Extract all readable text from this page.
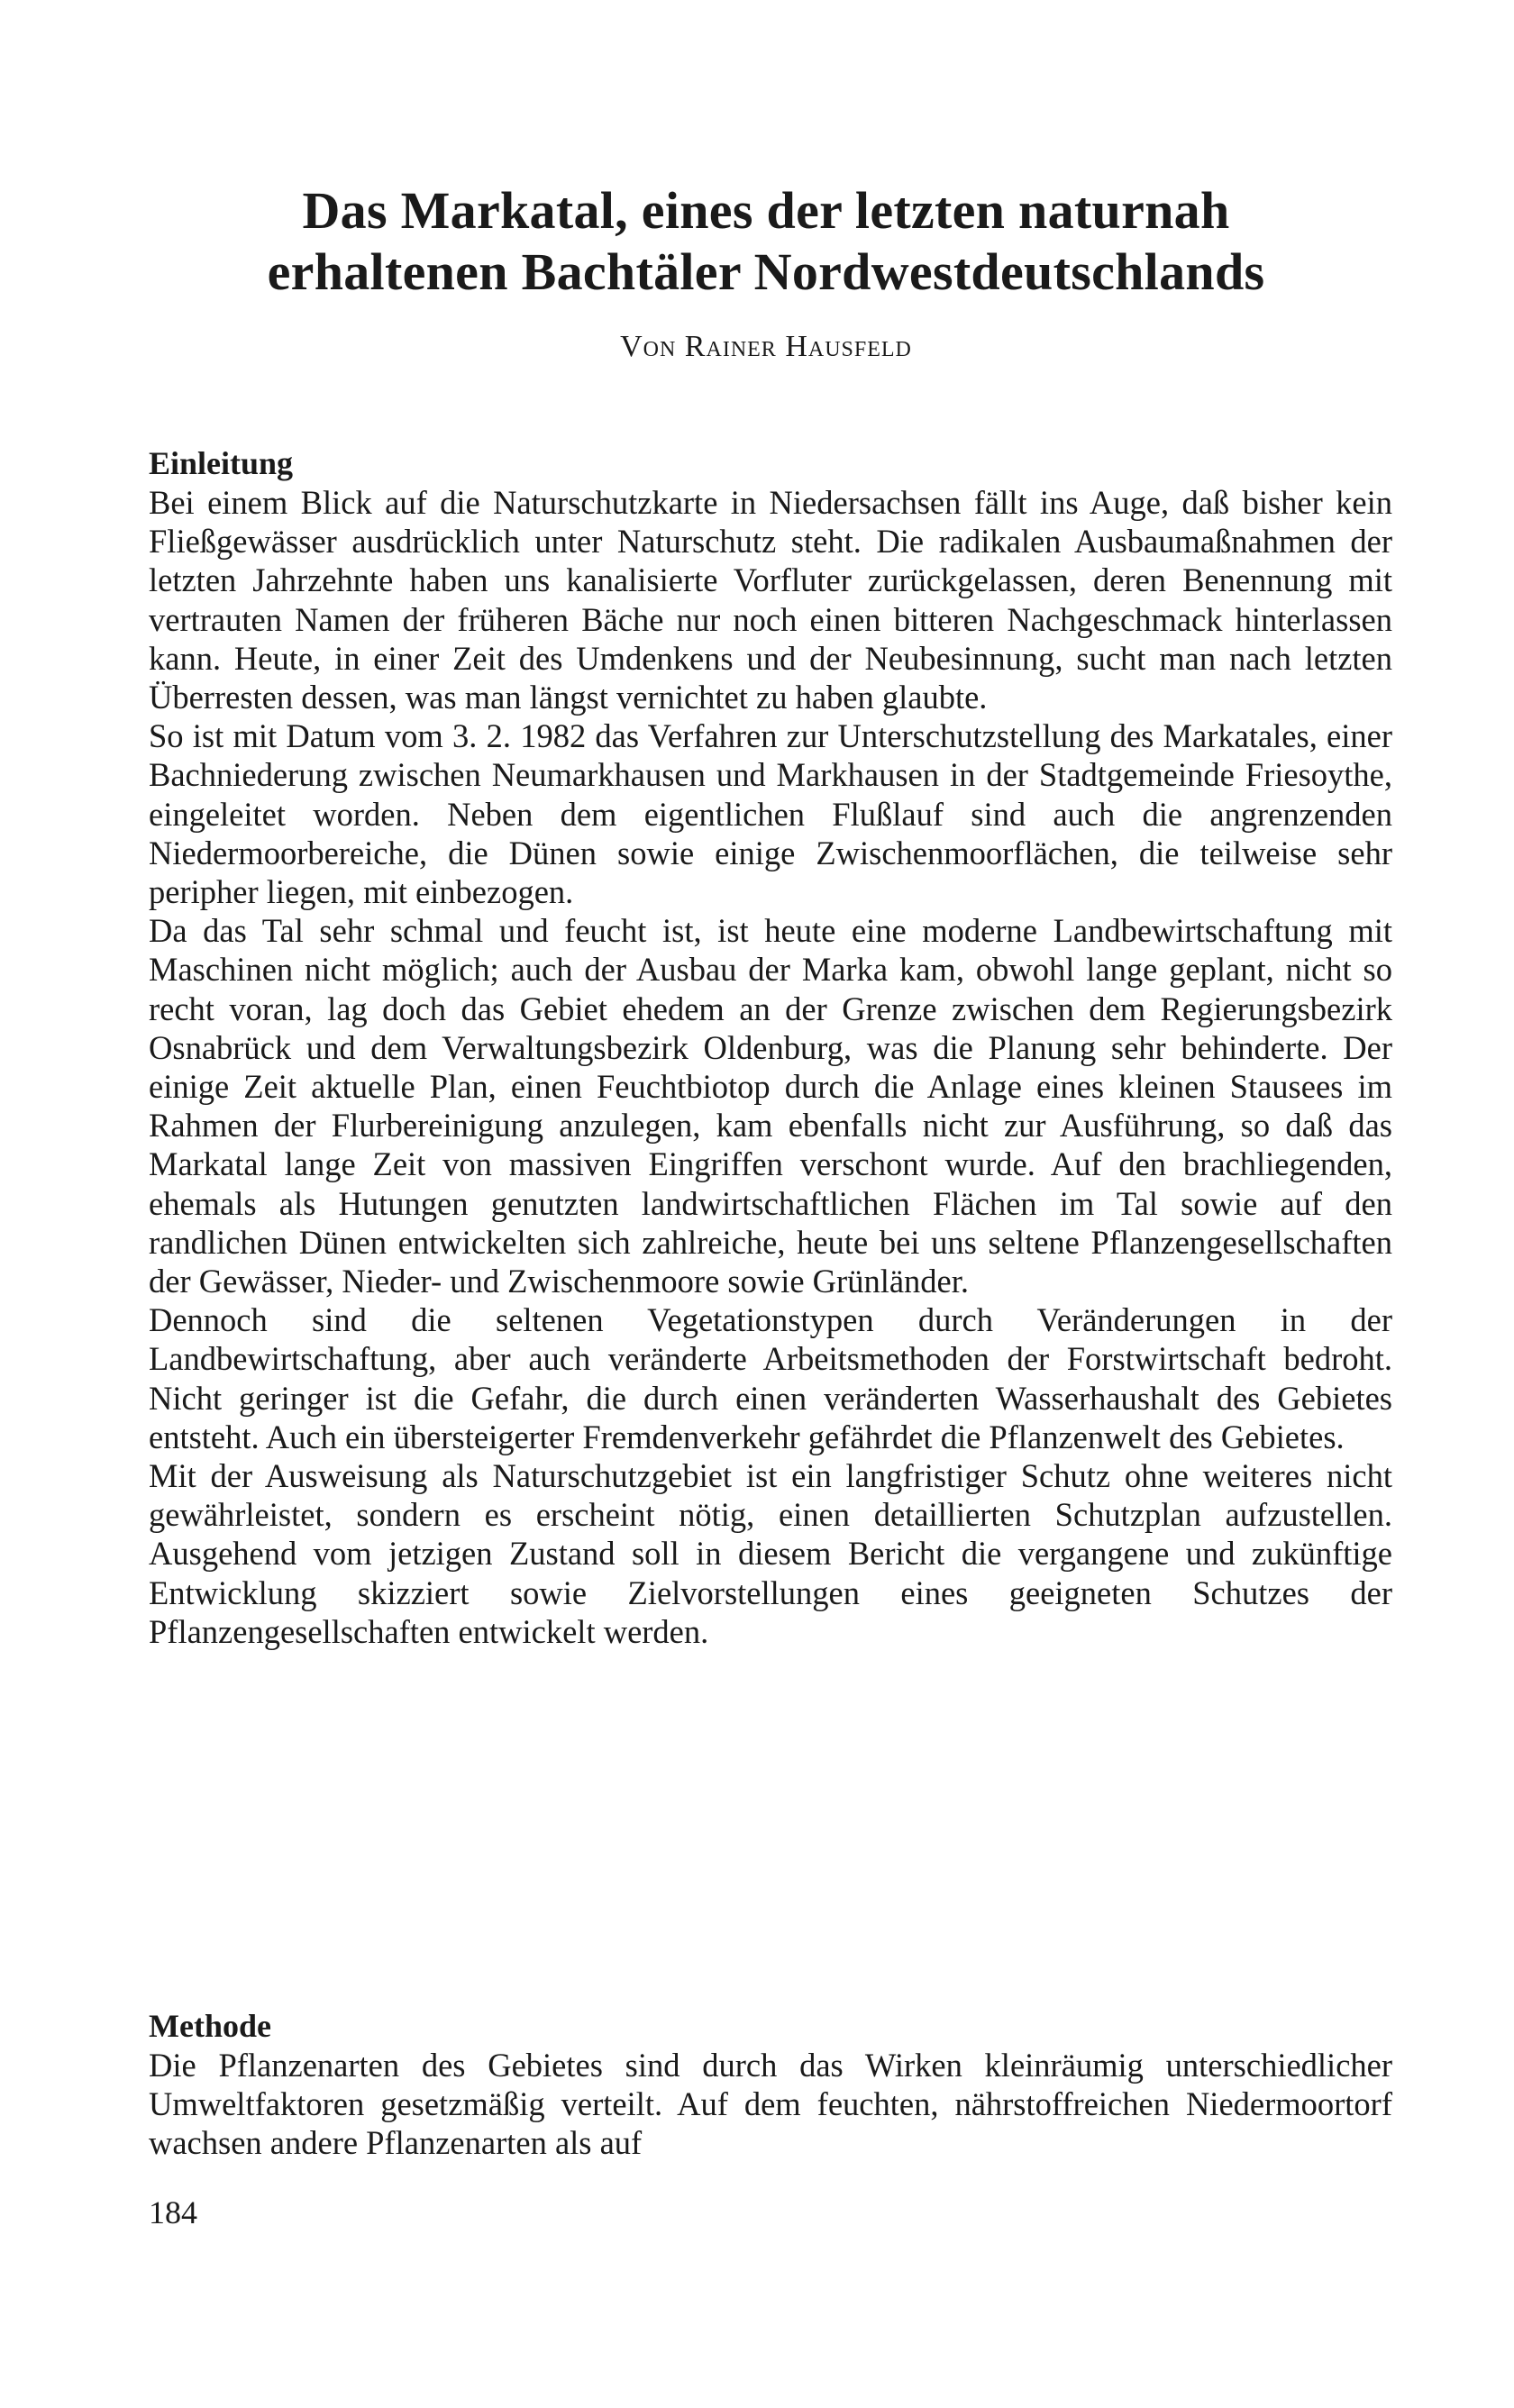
Das Markatal, eines der letzten naturnah
erhaltenen Bachtäler Nordwestdeutschlands

Von Rainer Hausfeld

Einleitung

Bei einem Blick auf die Naturschutzkarte in Niedersachsen fällt ins Auge, daß bisher kein Fließgewässer ausdrücklich unter Naturschutz steht. Die radikalen Ausbaumaßnahmen der letzten Jahrzehnte haben uns kanalisierte Vorfluter zurückgelassen, deren Benennung mit vertrauten Namen der früheren Bäche nur noch einen bitteren Nachgeschmack hinterlassen kann. Heute, in einer Zeit des Umdenkens und der Neubesinnung, sucht man nach letzten Überresten dessen, was man längst vernichtet zu haben glaubte.

So ist mit Datum vom 3. 2. 1982 das Verfahren zur Unterschutzstellung des Markatales, einer Bachniederung zwischen Neumarkhausen und Markhausen in der Stadtgemeinde Friesoythe, eingeleitet worden. Neben dem eigentlichen Flußlauf sind auch die angrenzenden Niedermoorbereiche, die Dünen sowie einige Zwischenmoorflächen, die teilweise sehr peripher liegen, mit einbezogen.

Da das Tal sehr schmal und feucht ist, ist heute eine moderne Landbewirtschaftung mit Maschinen nicht möglich; auch der Ausbau der Marka kam, obwohl lange geplant, nicht so recht voran, lag doch das Gebiet ehedem an der Grenze zwischen dem Regierungsbezirk Osnabrück und dem Verwaltungsbezirk Oldenburg, was die Planung sehr behinderte. Der einige Zeit aktuelle Plan, einen Feuchtbiotop durch die Anlage eines kleinen Stausees im Rahmen der Flurbereinigung anzulegen, kam ebenfalls nicht zur Ausführung, so daß das Markatal lange Zeit von massiven Eingriffen verschont wurde. Auf den brachliegenden, ehemals als Hutungen genutzten landwirtschaftlichen Flächen im Tal sowie auf den randlichen Dünen entwickelten sich zahlreiche, heute bei uns seltene Pflanzengesellschaften der Gewässer, Nieder- und Zwischenmoore sowie Grünländer.

Dennoch sind die seltenen Vegetationstypen durch Veränderungen in der Landbewirtschaftung, aber auch veränderte Arbeitsmethoden der Forstwirtschaft bedroht. Nicht geringer ist die Gefahr, die durch einen veränderten Wasserhaushalt des Gebietes entsteht. Auch ein übersteigerter Fremdenverkehr gefährdet die Pflanzenwelt des Gebietes.

Mit der Ausweisung als Naturschutzgebiet ist ein langfristiger Schutz ohne weiteres nicht gewährleistet, sondern es erscheint nötig, einen detaillierten Schutzplan aufzustellen. Ausgehend vom jetzigen Zustand soll in diesem Bericht die vergangene und zukünftige Entwicklung skizziert sowie Zielvorstellungen eines geeigneten Schutzes der Pflanzengesellschaften entwickelt werden.

Methode

Die Pflanzenarten des Gebietes sind durch das Wirken kleinräumig unterschiedlicher Umweltfaktoren gesetzmäßig verteilt. Auf dem feuchten, nährstoffreichen Niedermoortorf wachsen andere Pflanzenarten als auf

184
